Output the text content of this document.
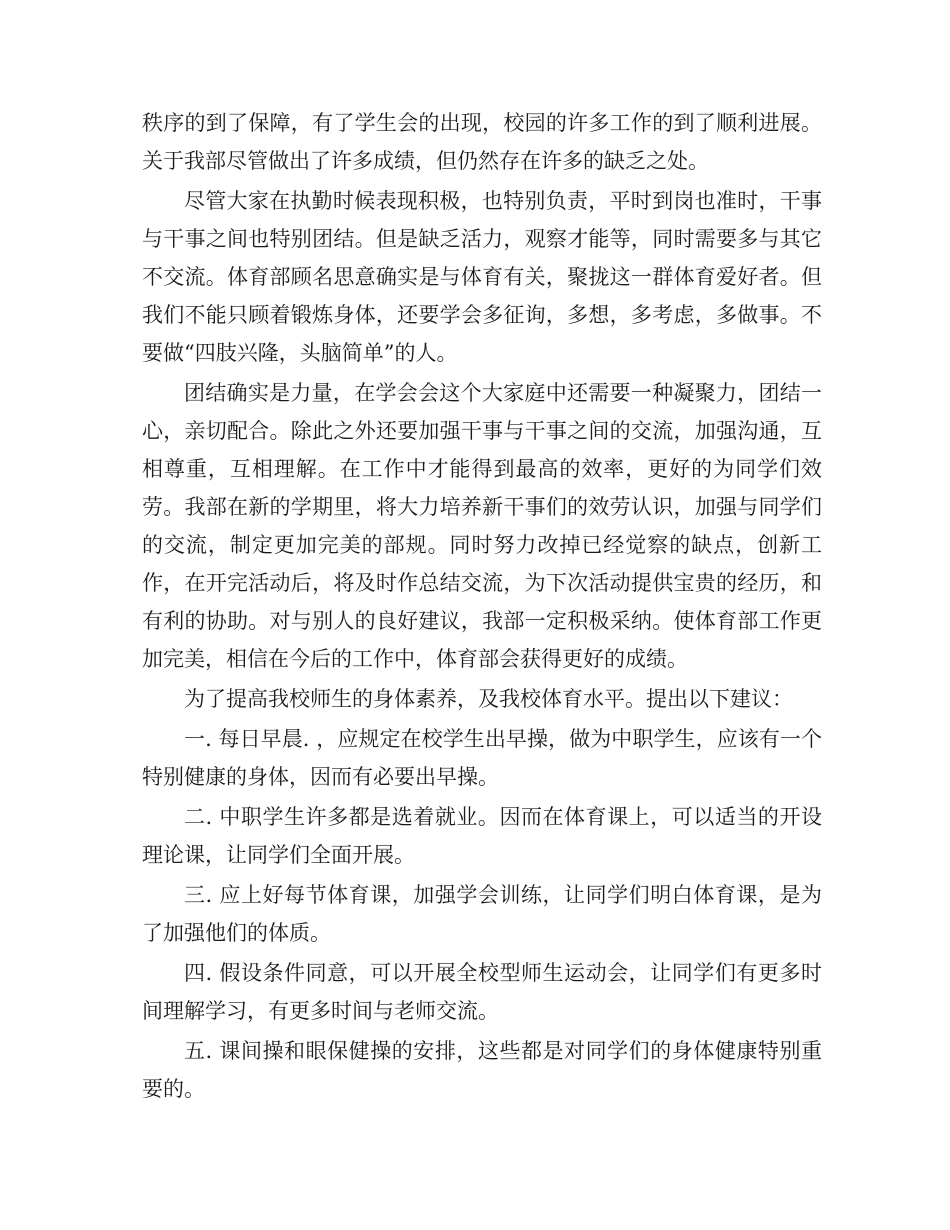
秩序的到了保障，有了学生会的出现，校园的许多工作的到了顺利进展。关于我部尽管做出了许多成绩，但仍然存在许多的缺乏之处。

尽管大家在执勤时候表现积极，也特别负责，平时到岗也准时，干事与干事之间也特别团结。但是缺乏活力，观察才能等，同时需要多与其它不交流。体育部顾名思意确实是与体育有关，聚拢这一群体育爱好者。但我们不能只顾着锻炼身体，还要学会多征询，多想，多考虑，多做事。不要做“四肢兴隆，头脑简单”的人。

团结确实是力量，在学会会这个大家庭中还需要一种凝聚力，团结一心，亲切配合。除此之外还要加强干事与干事之间的交流，加强沟通，互相尊重，互相理解。在工作中才能得到最高的效率，更好的为同学们效劳。我部在新的学期里，将大力培养新干事们的效劳认识，加强与同学们的交流，制定更加完美的部规。同时努力改掉已经觉察的缺点，创新工作，在开完活动后，将及时作总结交流，为下次活动提供宝贵的经历，和有利的协助。对与别人的良好建议，我部一定积极采纳。使体育部工作更加完美，相信在今后的工作中，体育部会获得更好的成绩。

为了提高我校师生的身体素养，及我校体育水平。提出以下建议：

一. 每日早晨. ，应规定在校学生出早操，做为中职学生，应该有一个特别健康的身体，因而有必要出早操。

二. 中职学生许多都是选着就业。因而在体育课上，可以适当的开设理论课，让同学们全面开展。

三. 应上好每节体育课，加强学会训练，让同学们明白体育课，是为了加强他们的体质。

四. 假设条件同意，可以开展全校型师生运动会，让同学们有更多时间理解学习，有更多时间与老师交流。

五. 课间操和眼保健操的安排，这些都是对同学们的身体健康特别重要的。
